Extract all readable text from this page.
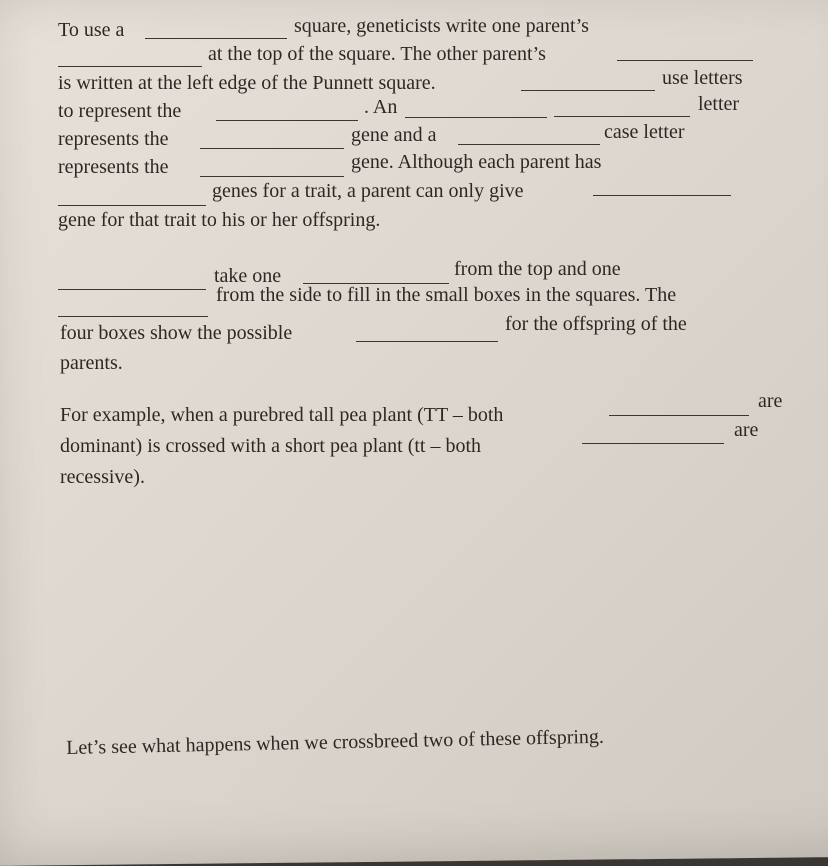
To use a	square, geneticists write one parent’s
at the top of the square. The other parent’s
is written at the left edge of the Punnett square.	use letters
to represent the	. An	letter
represents the	gene and a	case letter
represents the	gene. Although each parent has
genes for a trait, a parent can only give
gene for that trait to his or her offspring.
take one	from the top and one
from the side to fill in the small boxes in the squares. The
four boxes show the possible	for the offspring of the
parents.
For example, when a purebred tall pea plant (TT – both
are
dominant) is crossed with a short pea plant (tt – both
are
recessive).
Let’s see what happens when we crossbreed two of these offspring.
